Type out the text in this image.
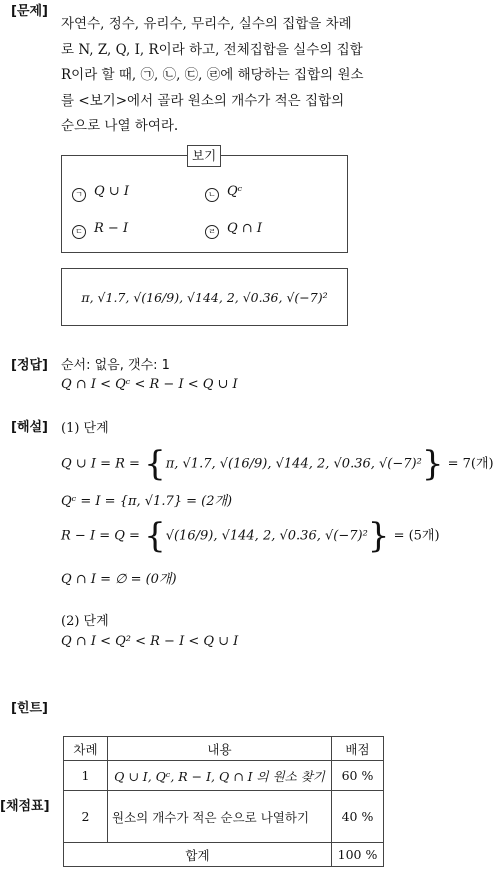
[문제]
자연수, 정수, 유리수, 무리수, 실수의 집합을 차례
로 N, Z, Q, I, R이라 하고, 전체집합을 실수의 집합
R이라 할 때, ㉠, ㉡, ㉢, ㉣에 해당하는 집합의 원소
를 <보기>에서 골라 원소의 개수가 적은 집합의
순으로 나열 하여라.
보기
ㄱ Q ∪ I	ㄴ Qᶜ
ㄷ R − I	ㄹ Q ∩ I
π, √1.7, √(16/9), √144, 2, √0.36, √(−7)²
[정답] 순서: 없음, 갯수: 1
Q ∩ I < Qᶜ < R − I < Q ∪ I
[해설] (1) 단계
Q ∪ I = R = {π, √1.7, √(16/9), √144, 2, √0.36, √(−7)²} = 7(개)
Qᶜ = I = {π, √1.7} = (2개)
R − I = Q = {√(16/9), √144, 2, √0.36, √(−7)²} = (5개)
Q ∩ I = ∅ = (0개)
(2) 단계
Q ∩ I < Q² < R − I < Q ∪ I
[힌트]
[채점표]
차례	내용	배점
1	Q ∪ I, Qᶜ, R − I, Q ∩ I 의 원소 찾기	60 %
2	원소의 개수가 적은 순으로 나열하기	40 %
합계		100 %
